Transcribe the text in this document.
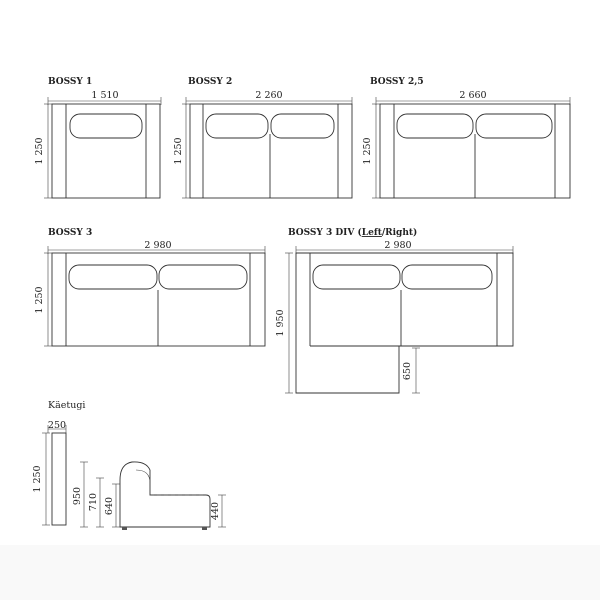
BOSSY 1
1 510
1 250
BOSSY 2
2 260
1 250
BOSSY 2,5
2 660
1 250
BOSSY 3
2 980
1 250
BOSSY 3 DIV (Left/Right)
2 980
1 950
650
Käetugi
250
1 250
950 710 640	440
